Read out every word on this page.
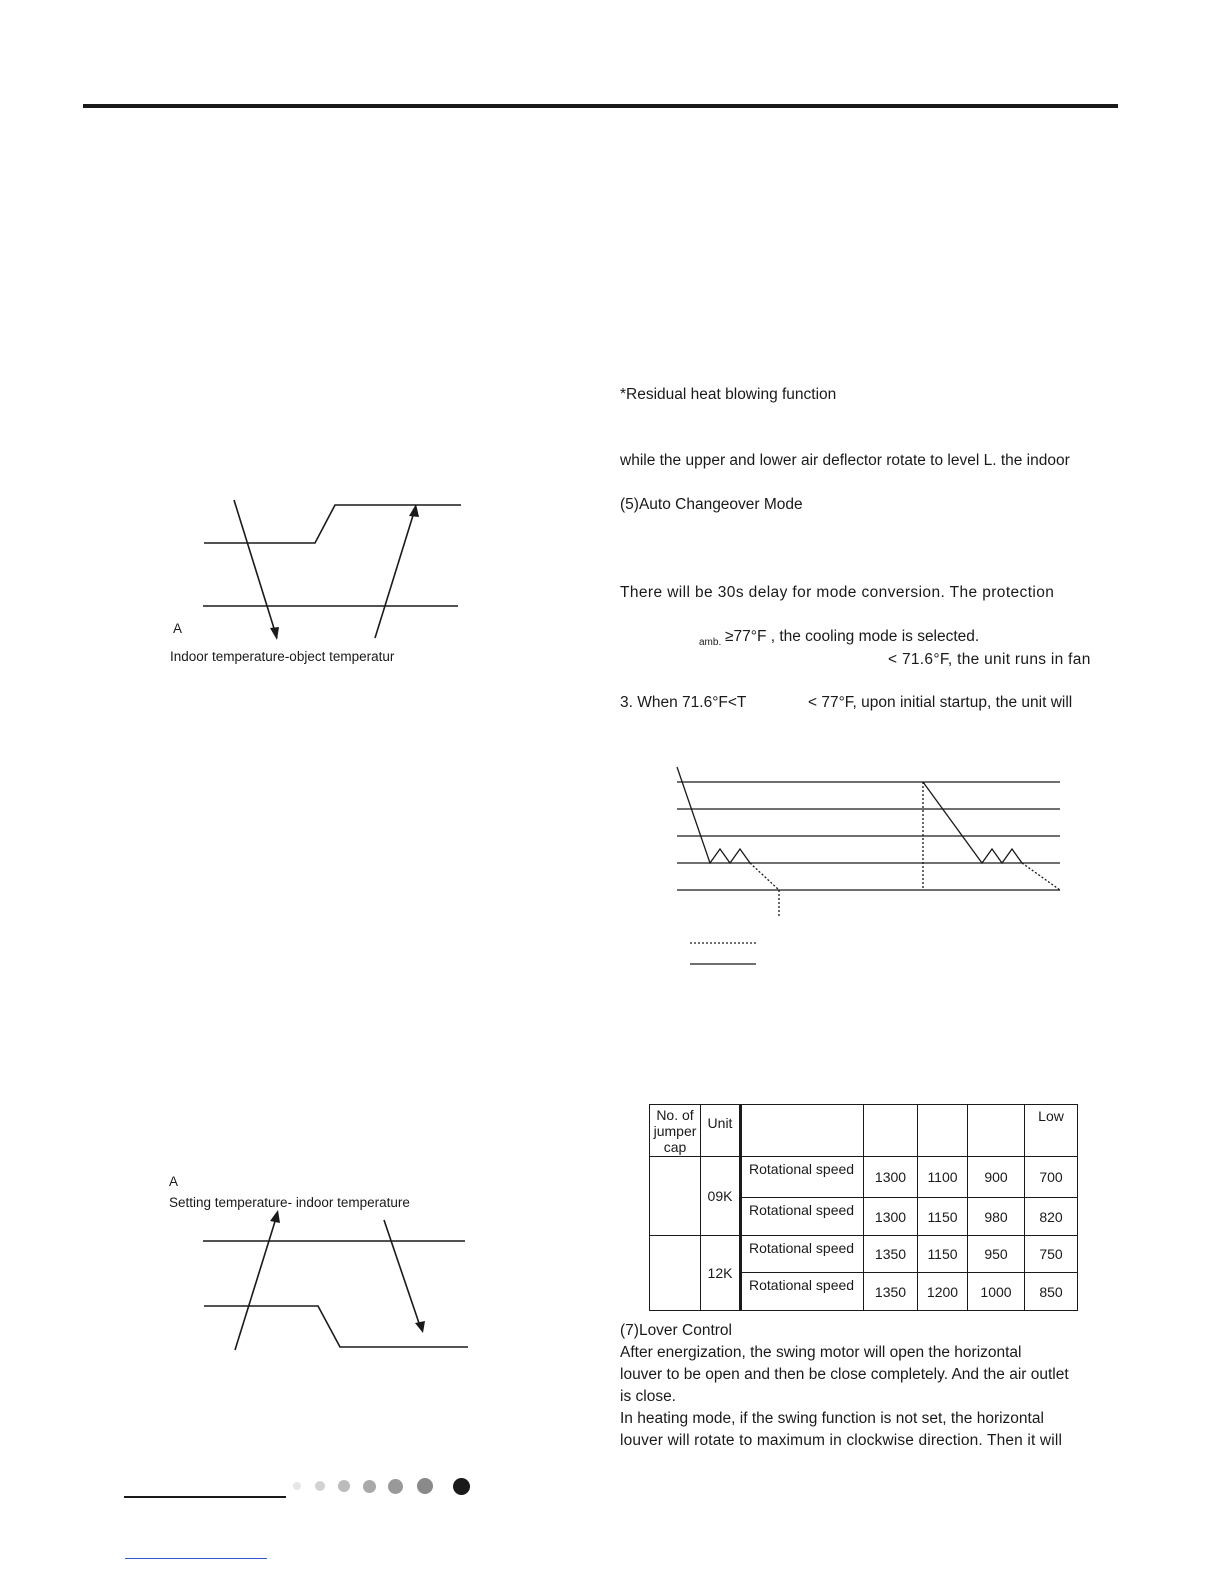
A
Indoor temperature-object temperatur
A
Setting temperature- indoor temperature
*Residual heat blowing function
while the upper and lower air deflector rotate to level L. the indoor
(5)Auto Changeover Mode
There will be 30s delay for mode conversion. The protection
amb. ≥77°F , the cooling mode is selected.
< 71.6°F, the unit runs in fan
3. When 71.6°F<T	< 77°F, upon initial startup, the unit will
No. of jumper cap	Unit					Low
	09K	Rotational speed	1300	1100	900	700
		Rotational speed	1300	1150	980	820
	12K	Rotational speed	1350	1150	950	750
		Rotational speed	1350	1200	1000	850
(7)Lover Control
After energization, the swing motor will open the horizontal
louver to be open and then be close completely. And the air outlet
is close.
In heating mode, if the swing function is not set, the horizontal
louver will rotate to maximum in clockwise direction. Then it will
